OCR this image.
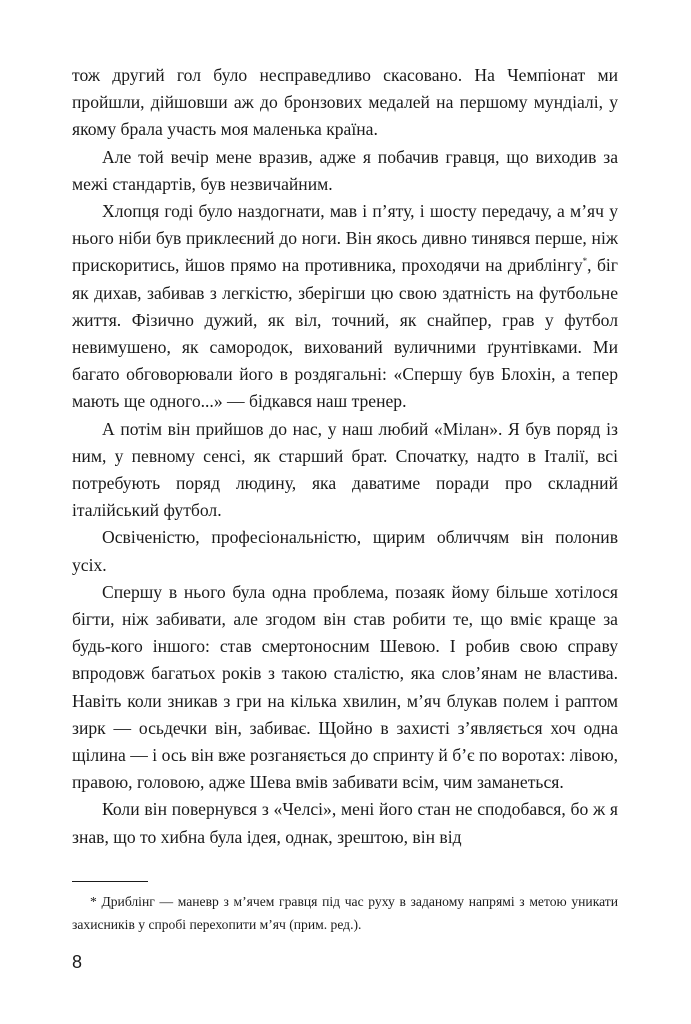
тож другий гол було несправедливо скасовано. На Чемпіонат ми пройшли, дійшовши аж до бронзових медалей на першому мундіалі, у якому брала участь моя маленька країна.

Але той вечір мене вразив, адже я побачив гравця, що виходив за межі стандартів, був незвичайним.

Хлопця годі було наздогнати, мав і п’яту, і шосту передачу, а м’яч у нього ніби був приклеєний до ноги. Він якось дивно тинявся перше, ніж прискоритись, йшов прямо на противника, проходячи на дриблінгу*, біг як дихав, забивав з легкістю, зберігши цю свою здатність на футбольне життя. Фізично дужий, як віл, точний, як снайпер, грав у футбол невимушено, як самородок, вихований вуличними ґрунтівками. Ми багато обговорювали його в роздягальні: «Спершу був Блохін, а тепер мають ще одного...» — бідкався наш тренер.

А потім він прийшов до нас, у наш любий «Мілан». Я був поряд із ним, у певному сенсі, як старший брат. Спочатку, надто в Італії, всі потребують поряд людину, яка даватиме поради про складний італійський футбол.

Освіченістю, професіональністю, щирим обличчям він полонив усіх.

Спершу в нього була одна проблема, позаяк йому більше хотілося бігти, ніж забивати, але згодом він став робити те, що вміє краще за будь-кого іншого: став смертоносним Шевою. І робив свою справу впродовж багатьох років з такою сталістю, яка слов’янам не властива. Навіть коли зникав з гри на кілька хвилин, м’яч блукав полем і раптом зирк — осьдечки він, забиває. Щойно в захисті з’являється хоч одна щілина — і ось він вже розганяється до спринту й б’є по воротах: лівою, правою, головою, адже Шева вмів забивати всім, чим заманеться.

Коли він повернувся з «Челсі», мені його стан не сподобався, бо ж я знав, що то хибна була ідея, однак, зрештою, він від

* Дриблінг — маневр з м’ячем гравця під час руху в заданому напрямі з метою уникати захисників у спробі перехопити м’яч (прим. ред.).

8
